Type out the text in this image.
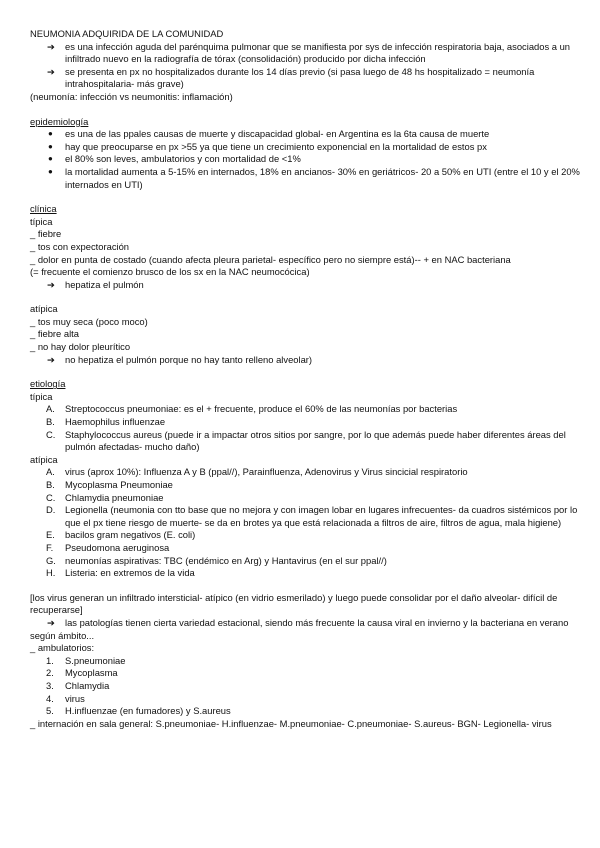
NEUMONIA ADQUIRIDA DE LA COMUNIDAD
➔ es una infección aguda del parénquima pulmonar que se manifiesta por sys de infección respiratoria baja, asociados a un infiltrado nuevo en la radiografía de tórax (consolidación) producido por dicha infección
➔ se presenta en px no hospitalizados durante los 14 días previo (si pasa luego de 48 hs hospitalizado = neumonía intrahospitalaria- más grave)
(neumonía: infección vs neumonitis: inflamación)
epidemiología
● es una de las ppales causas de muerte y discapacidad global- en Argentina es la 6ta causa de muerte
● hay que preocuparse en px >55 ya que tiene un crecimiento exponencial en la mortalidad de estos px
● el 80% son leves, ambulatorios y con mortalidad de <1%
● la mortalidad aumenta a 5-15% en internados, 18% en ancianos- 30% en geriátricos- 20 a 50% en UTI (entre el 10 y el 20% internados en UTI)
clínica
típica
_ fiebre
_ tos con expectoración
_ dolor en punta de costado (cuando afecta pleura parietal- específico pero no siempre está)-- + en NAC bacteriana
(= frecuente el comienzo brusco de los sx en la NAC neumocócica)
➔ hepatiza el pulmón
atípica
_ tos muy seca (poco moco)
_ fiebre alta
_ no hay dolor pleurítico
➔ no hepatiza el pulmón porque no hay tanto relleno alveolar)
etiología
típica
A.	Streptococcus pneumoniae: es el + frecuente, produce el 60% de las neumonías por bacterias
B.	Haemophilus influenzae
C.	Staphylococcus aureus (puede ir a impactar otros sitios por sangre, por lo que además puede haber diferentes áreas del pulmón afectadas- mucho daño)
atípica
A.	virus (aprox 10%): Influenza A y B (ppal//), Parainfluenza, Adenovirus y Virus sincicial respiratorio
B.	Mycoplasma Pneumoniae
C.	Chlamydia pneumoniae
D.	Legionella (neumonia con tto base que no mejora y con imagen lobar en lugares infrecuentes- da cuadros sistémicos por lo que el px tiene riesgo de muerte- se da en brotes ya que está relacionada a filtros de aire, filtros de agua, mala higiene)
E.	bacilos gram negativos (E. coli)
F.	Pseudomona aeruginosa
G. neumonías aspirativas: TBC (endémico en Arg) y Hantavirus (en el sur ppal//)
H.	Listeria: en extremos de la vida
[los virus generan un infiltrado intersticial- atípico (en vidrio esmerilado) y luego puede consolidar por el daño alveolar- difícil de recuperarse]
➔ las patologías tienen cierta variedad estacional, siendo más frecuente la causa viral en invierno y la bacteriana en verano
según ámbito...
_ ambulatorios:
1.	S.pneumoniae
2.	Mycoplasma
3.	Chlamydia
4.	virus
5.	H.influenzae (en fumadores) y S.aureus
_ internación en sala general: S.pneumoniae- H.influenzae- M.pneumoniae- C.pneumoniae- S.aureus- BGN- Legionella- virus
